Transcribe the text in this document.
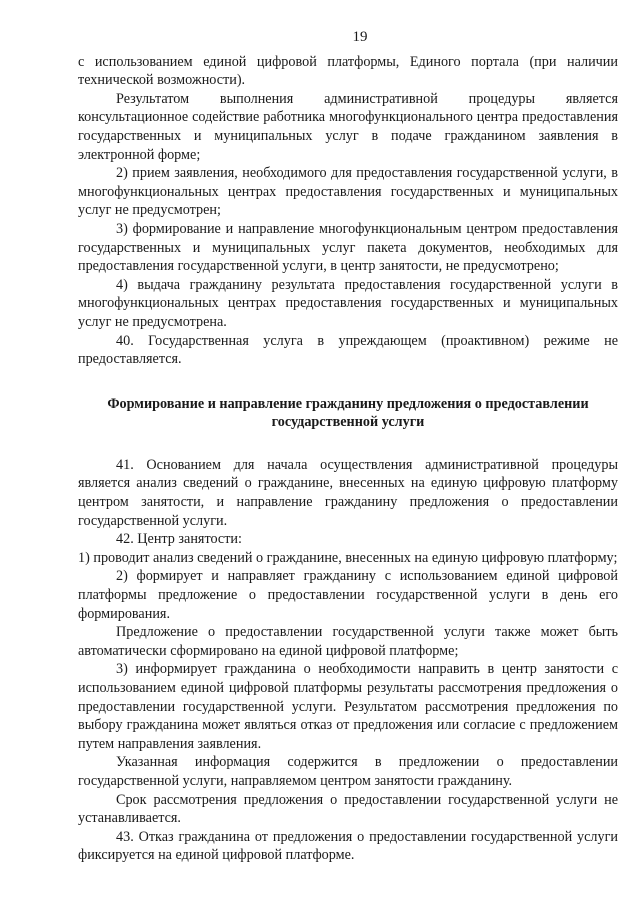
19

с использованием единой цифровой платформы, Единого портала (при наличии технической возможности).

Результатом выполнения административной процедуры является консультационное содействие работника многофункционального центра предоставления государственных и муниципальных услуг в подаче гражданином заявления в электронной форме;

2) прием заявления, необходимого для предоставления государственной услуги, в многофункциональных центрах предоставления государственных и муниципальных услуг не предусмотрен;

3) формирование и направление многофункциональным центром предоставления государственных и муниципальных услуг пакета документов, необходимых для предоставления государственной услуги, в центр занятости, не предусмотрено;

4) выдача гражданину результата предоставления государственной услуги в многофункциональных центрах предоставления государственных и муниципальных услуг не предусмотрена.

40. Государственная услуга в упреждающем (проактивном) режиме не предоставляется.

Формирование и направление гражданину предложения о предоставлении государственной услуги

41. Основанием для начала осуществления административной процедуры является анализ сведений о гражданине, внесенных на единую цифровую платформу центром занятости, и направление гражданину предложения о предоставлении государственной услуги.

42. Центр занятости:

1) проводит анализ сведений о гражданине, внесенных на единую цифровую платформу;

2) формирует и направляет гражданину с использованием единой цифровой платформы предложение о предоставлении государственной услуги в день его формирования.

Предложение о предоставлении государственной услуги также может быть автоматически сформировано на единой цифровой платформе;

3) информирует гражданина о необходимости направить в центр занятости с использованием единой цифровой платформы результаты рассмотрения предложения о предоставлении государственной услуги. Результатом рассмотрения предложения по выбору гражданина может являться отказ от предложения или согласие с предложением путем направления заявления.

Указанная информация содержится в предложении о предоставлении государственной услуги, направляемом центром занятости гражданину.

Срок рассмотрения предложения о предоставлении государственной услуги не устанавливается.

43. Отказ гражданина от предложения о предоставлении государственной услуги фиксируется на единой цифровой платформе.
